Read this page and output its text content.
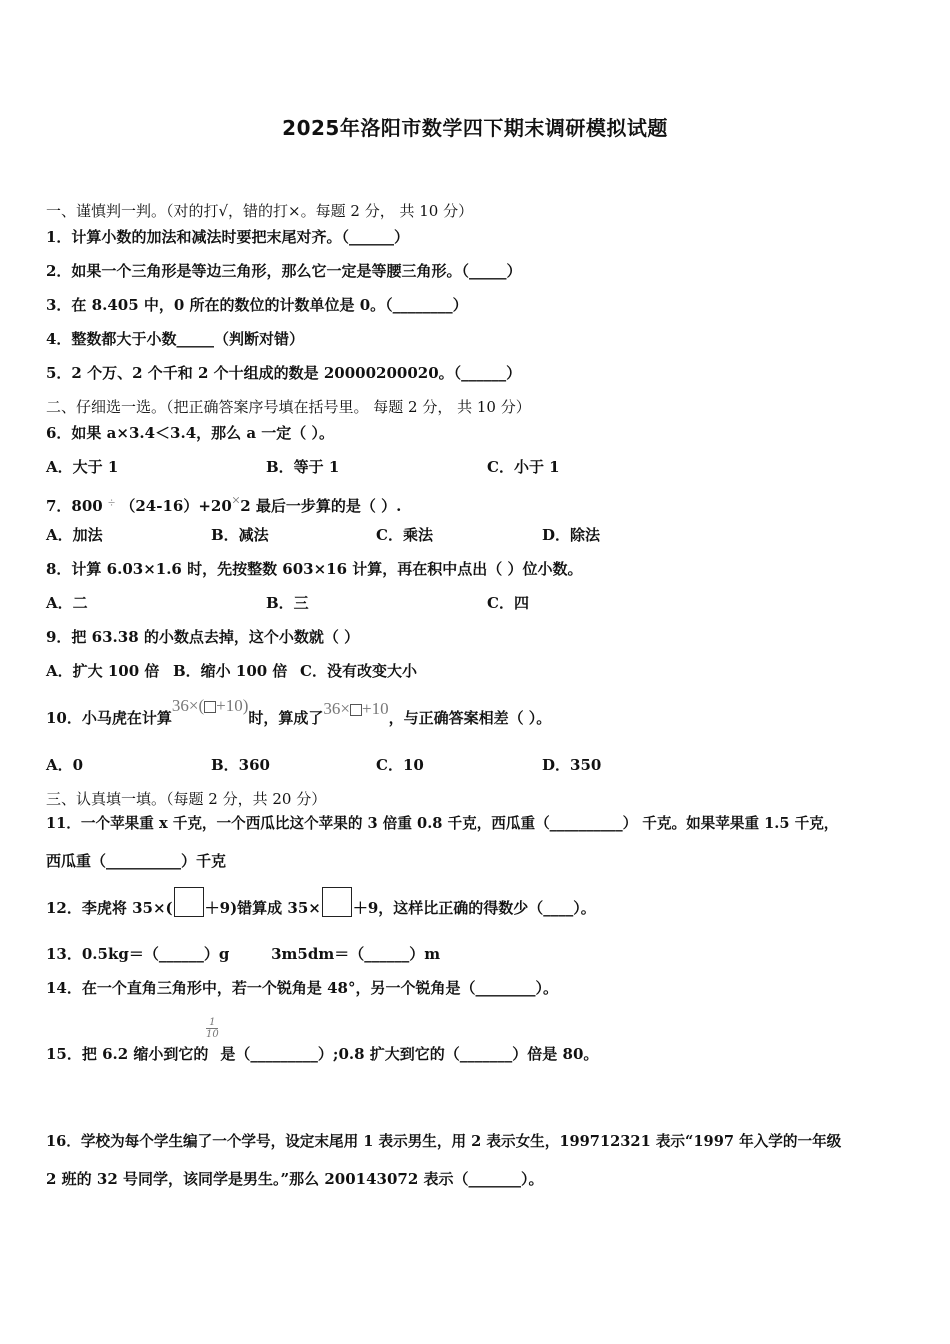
2025年洛阳市数学四下期末调研模拟试题
一、谨慎判一判。（对的打√，错的打×。每题 2 分， 共 10 分）
1．计算小数的加法和减法时要把末尾对齐。（______）
2．如果一个三角形是等边三角形，那么它一定是等腰三角形。（_____）
3．在 8.405 中，0 所在的数位的计数单位是 0。（________）
4．整数都大于小数_____（判断对错）
5．2 个万、2 个千和 2 个十组成的数是 20000200020。（______）
二、仔细选一选。（把正确答案序号填在括号里。 每题 2 分， 共 10 分）
6．如果 a×3.4＜3.4，那么 a 一定（ ）。
A．大于 1	B．等于 1	C．小于 1
7．800 ÷ （24-16）+20×2 最后一步算的是（ ）.
A．加法	B．减法	C．乘法	D．除法
8．计算 6.03×1.6 时，先按整数 603×16 计算，再在积中点出（ ）位小数。
A．二	B．三	C．四
9．把 63.38 的小数点去掉，这个小数就（ ）
A．扩大 100 倍 B．缩小 100 倍 C．没有改变大小
10．小马虎在计算36×( +10)时，算成了36× +10，与正确答案相差（ ）。
A．0	B．360	C．10	D．350
三、认真填一填。（每题 2 分，共 20 分）
11．一个苹果重 x 千克，一个西瓜比这个苹果的 3 倍重 0.8 千克，西瓜重（__________） 千克。如果苹果重 1.5 千克，
西瓜重（__________）千克
12．李虎将 35×( ＋9)错算成 35× ＋9，这样比正确的得数少（____）。
13．0.5kg＝（______）g        3m5dm＝（______）m
14．在一个直角三角形中，若一个锐角是 48°，另一个锐角是（________）。
1
10
15．把 6.2 缩小到它的 是（_________）;0.8 扩大到它的（_______）倍是 80。
16．学校为每个学生编了一个学号，设定末尾用 1 表示男生，用 2 表示女生，199712321 表示“1997 年入学的一年级
2 班的 32 号同学，该同学是男生。”那么 200143072 表示（_______）。
